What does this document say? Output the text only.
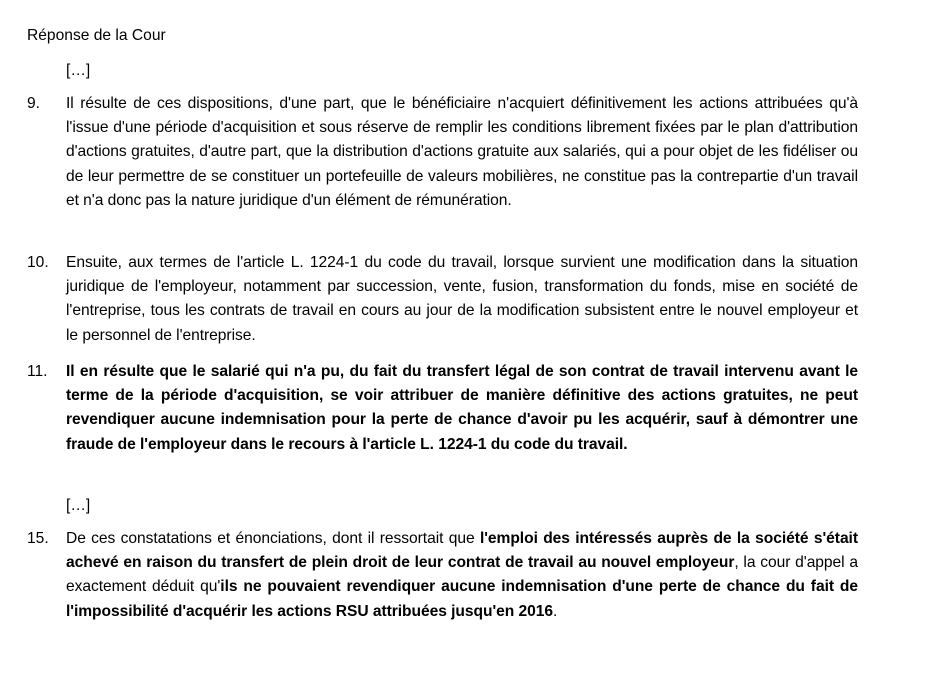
Réponse de la Cour
[…]
9. Il résulte de ces dispositions, d'une part, que le bénéficiaire n'acquiert définitivement les actions attribuées qu'à l'issue d'une période d'acquisition et sous réserve de remplir les conditions librement fixées par le plan d'attribution d'actions gratuites, d'autre part, que la distribution d'actions gratuite aux salariés, qui a pour objet de les fidéliser ou de leur permettre de se constituer un portefeuille de valeurs mobilières, ne constitue pas la contrepartie d'un travail et n'a donc pas la nature juridique d'un élément de rémunération.
10. Ensuite, aux termes de l'article L. 1224-1 du code du travail, lorsque survient une modification dans la situation juridique de l'employeur, notamment par succession, vente, fusion, transformation du fonds, mise en société de l'entreprise, tous les contrats de travail en cours au jour de la modification subsistent entre le nouvel employeur et le personnel de l'entreprise.
11. Il en résulte que le salarié qui n'a pu, du fait du transfert légal de son contrat de travail intervenu avant le terme de la période d'acquisition, se voir attribuer de manière définitive des actions gratuites, ne peut revendiquer aucune indemnisation pour la perte de chance d'avoir pu les acquérir, sauf à démontrer une fraude de l'employeur dans le recours à l'article L. 1224-1 du code du travail.
[…]
15. De ces constatations et énonciations, dont il ressortait que l'emploi des intéressés auprès de la société s'était achevé en raison du transfert de plein droit de leur contrat de travail au nouvel employeur, la cour d'appel a exactement déduit qu'ils ne pouvaient revendiquer aucune indemnisation d'une perte de chance du fait de l'impossibilité d'acquérir les actions RSU attribuées jusqu'en 2016.
